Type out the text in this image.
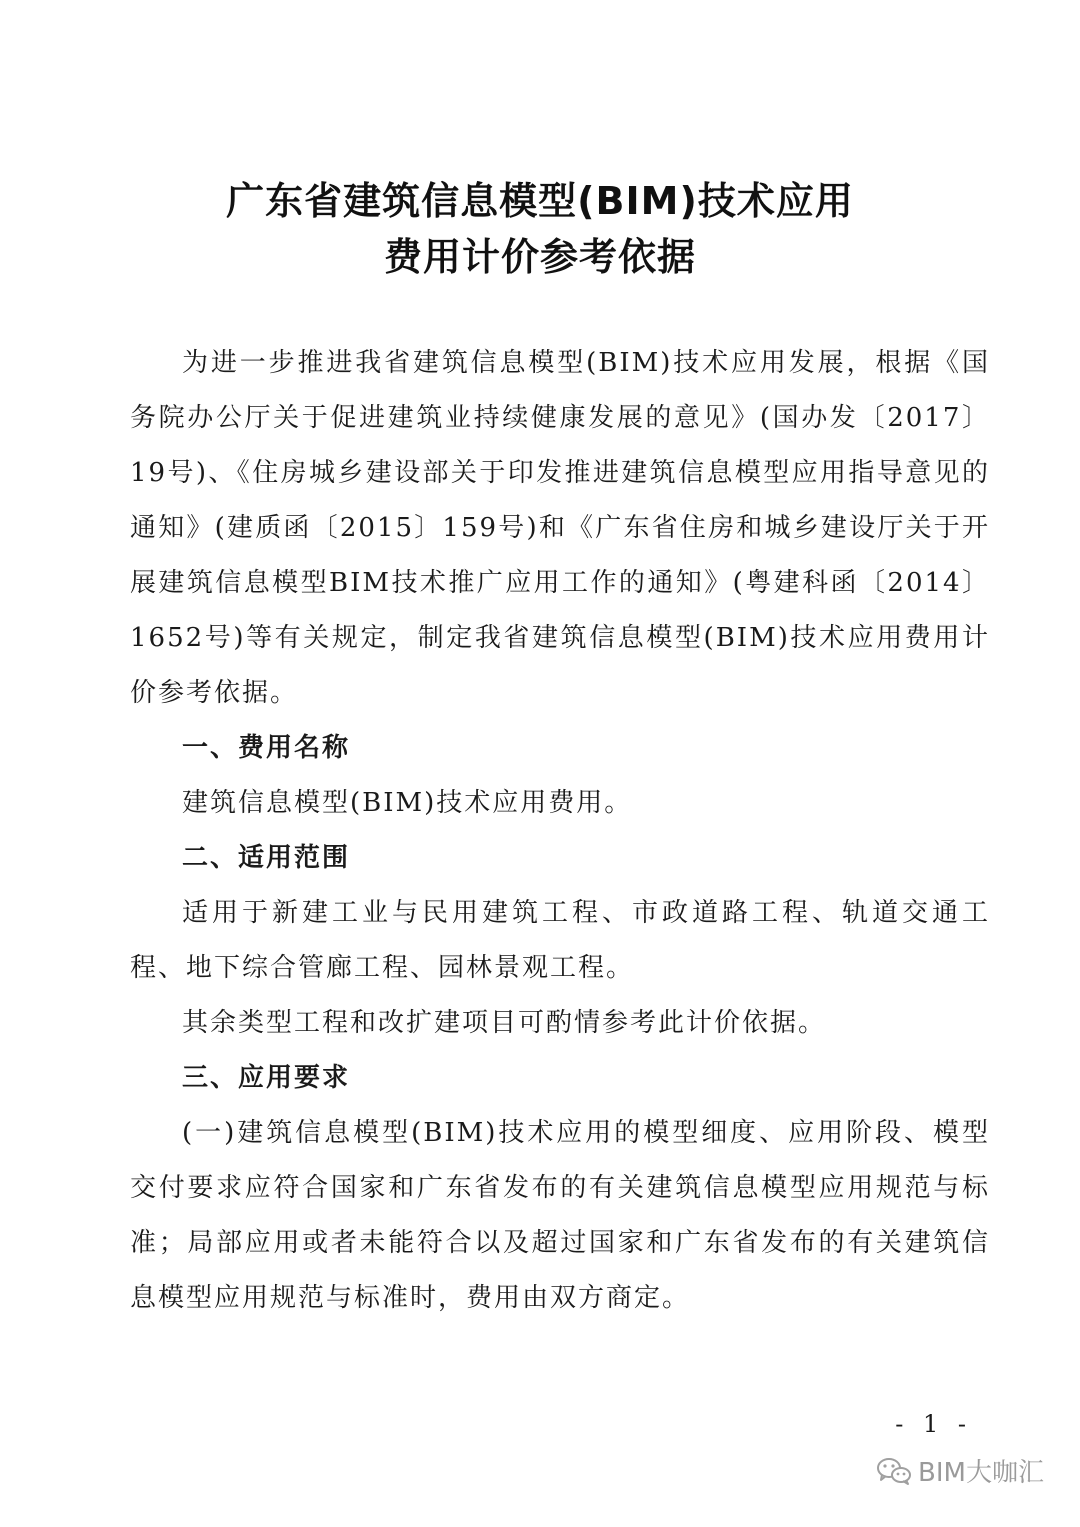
广东省建筑信息模型(BIM)技术应用
费用计价参考依据

为进一步推进我省建筑信息模型(BIM)技术应用发展，根据《国务院办公厅关于促进建筑业持续健康发展的意见》(国办发〔2017〕19号)、《住房城乡建设部关于印发推进建筑信息模型应用指导意见的通知》(建质函〔2015〕159号)和《广东省住房和城乡建设厅关于开展建筑信息模型BIM技术推广应用工作的通知》(粤建科函〔2014〕1652号)等有关规定，制定我省建筑信息模型(BIM)技术应用费用计价参考依据。

一、费用名称

建筑信息模型(BIM)技术应用费用。

二、适用范围

适用于新建工业与民用建筑工程、市政道路工程、轨道交通工程、地下综合管廊工程、园林景观工程。

其余类型工程和改扩建项目可酌情参考此计价依据。

三、应用要求

(一)建筑信息模型(BIM)技术应用的模型细度、应用阶段、模型交付要求应符合国家和广东省发布的有关建筑信息模型应用规范与标准；局部应用或者未能符合以及超过国家和广东省发布的有关建筑信息模型应用规范与标准时，费用由双方商定。

- 1 -
BIM大咖汇
